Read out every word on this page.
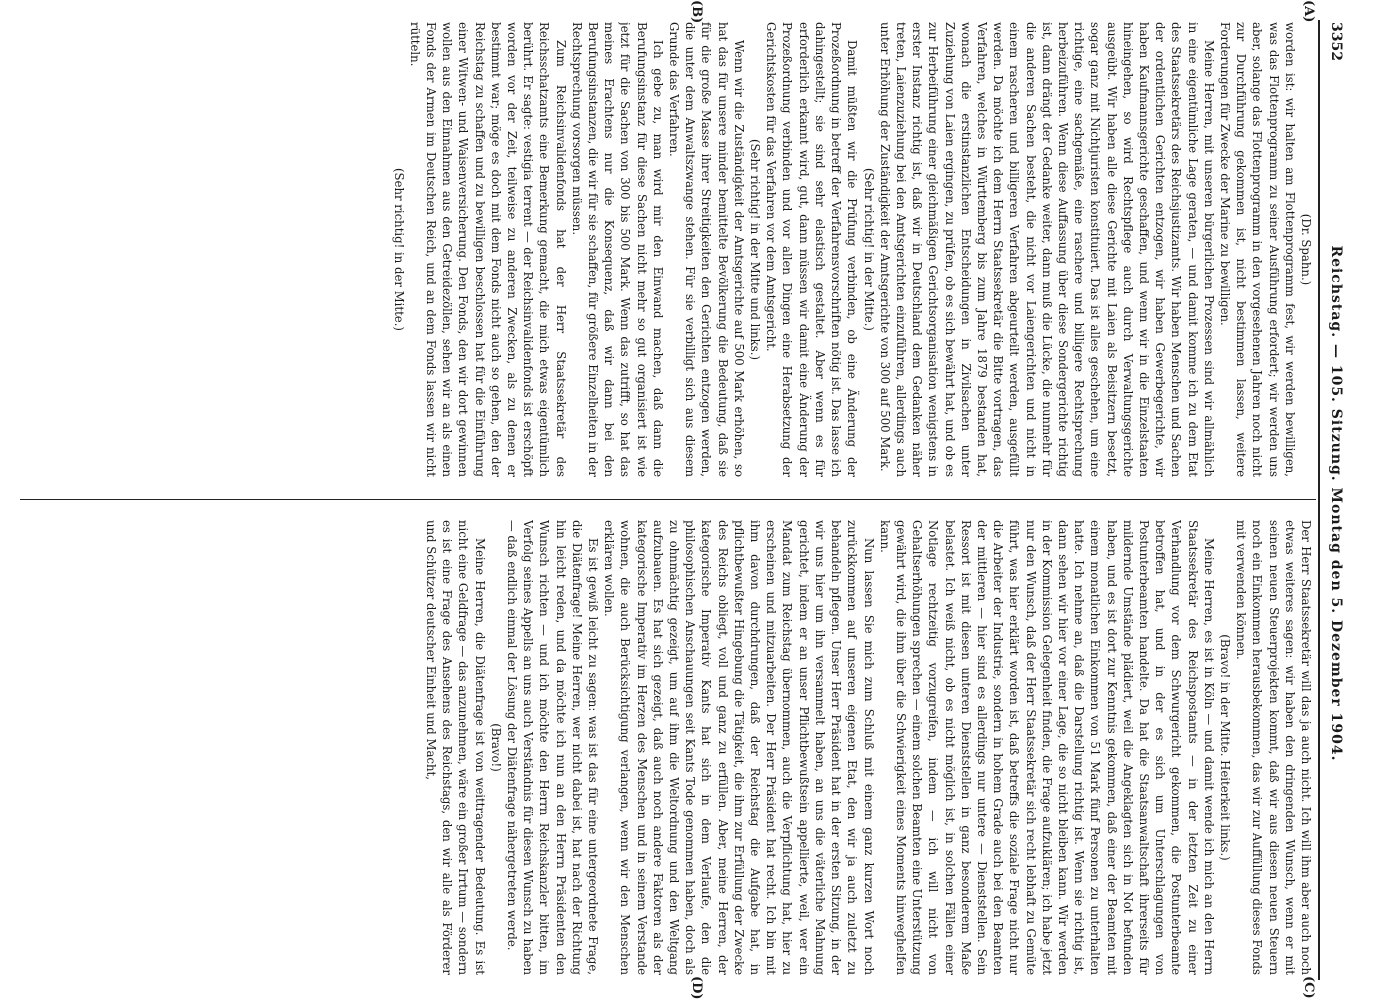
3352
Reichstag. — 105. Sitzung. Montag den 5. Dezember 1904.
(A)
(B)
(C)
(D)

(Dr. Spahn.)

worden ist: wir halten am Flottenprogramm fest, wir werden bewilligen, was das Flottenprogramm zu seiner Ausführung erfordert; wir werden uns aber, solange das Flottenprogramm in den vorgesehenen Jahren noch nicht zur Durchführung gekommen ist, nicht bestimmen lassen, weitere Forderungen für Zwecke der Marine zu bewilligen.

Meine Herren, mit unseren bürgerlichen Prozessen sind wir allmählich in eine eigentümliche Lage geraten, — und damit komme ich zu dem Etat des Staatssekretärs des Reichsjustizamts. Wir haben Menschen und Sachen der ordentlichen Gerichten entzogen, wir haben Gewerbegerichte, wir haben Kaufmannsgerichte geschaffen, und wenn wir in die Einzelstaaten hineingehen, so wird Rechtspflege auch durch Verwaltungsgerichte ausgeübt. Wir haben alle diese Gerichte mit Laien als Beisitzern besetzt, sogar ganz mit Nichtjuristen konstituiert. Das ist alles geschehen, um eine richtige, eine sachgemäße, eine raschere und billigere Rechtsprechung herbeizuführen. Wenn diese Auffassung über diese Sondergerichte richtig ist, dann drängt der Gedanke weiter, dann muß die Lücke, die nunmehr für die anderen Sachen besteht, die nicht vor Laiengerichten und nicht in einem rascheren und billigeren Verfahren abgeurteilt werden, ausgefüllt werden. Da möchte ich dem Herrn Staatssekretär die Bitte vortragen, das Verfahren, welches in Württemberg bis zum Jahre 1879 bestanden hat, wonach die erstinstanzlichen Entscheidungen in Zivilsachen unter Zuziehung von Laien ergingen, zu prüfen, ob es sich bewährt hat, und ob es zur Herbeiführung einer gleichmäßigen Gerichtsorganisation wenigstens in erster Instanz richtig ist, daß wir in Deutschland dem Gedanken näher treten, Laienzuziehung bei den Amtsgerichten einzuführen, allerdings auch unter Erhöhung der Zuständigkeit der Amtsgerichte von 300 auf 500 Mark.

(Sehr richtig! in der Mitte.)

Damit müßten wir die Prüfung verbinden, ob eine Änderung der Prozeßordnung in betreff der Verfahrensvorschriften nötig ist. Das lasse ich dahingestellt; sie sind sehr elastisch gestaltet. Aber wenn es für erforderlich erkannt wird, gut, dann müssen wir damit eine Änderung der Prozeßordnung verbinden und vor allen Dingen eine Herabsetzung der Gerichtskosten für das Verfahren vor dem Amtsgericht.

(Sehr richtig! in der Mitte und links.)

Wenn wir die Zuständigkeit der Amtsgerichte auf 500 Mark erhöhen, so hat das für unsere minder bemittelte Bevölkerung die Bedeutung, daß sie für die große Masse ihrer Streitigkeiten den Gerichten entzogen werden, die unter dem Anwaltszwange stehen. Für sie verbilligt sich aus diesem Grunde das Verfahren.

Ich gebe zu, man wird mir den Einwand machen, daß dann die Berufungsinstanz für diese Sachen nicht mehr so gut organisiert ist wie jetzt für die Sachen von 300 bis 500 Mark. Wenn das zutrifft, so hat das meines Erachtens nur die Konsequenz, daß wir dann bei den Berufungsinstanzen, die wir für sie schaffen, für größere Einzelheiten in der Rechtsprechung vorsorgen müssen.

Zum Reichsinvalidenfonds hat der Herr Staatssekretär des Reichsschatzamts eine Bemerkung gemacht, die mich etwas eigentümlich berührt. Er sagte: vestigia terrent — der Reichsinvalidenfonds ist erschöpft worden vor der Zeit, teilweise zu anderen Zwecken, als zu denen er bestimmt war; möge es doch mit dem Fonds nicht auch so gehen, den der Reichstag zu schaffen und zu bewilligen beschlossen hat für die Einführung einer Witwen- und Waisenversicherung. Den Fonds, den wir dort gewinnen wollen aus den Einnahmen aus den Getreidezöllen, sehen wir an als einen Fonds der Armen im Deutschen Reich, und an dem Fonds lassen wir nicht rütteln.

(Sehr richtig! in der Mitte.)

Der Herr Staatssekretär will das ja auch nicht. Ich will ihm aber auch noch etwas weiteres sagen: wir haben den dringenden Wunsch, wenn er mit seinen neuen Steuerprojekten kommt, daß wir aus diesen neuen Steuern noch ein Einkommen herausbekommen, das wir zur Auffüllung dieses Fonds mit verwenden können.

(Bravo! in der Mitte. Heiterkeit links.)

Meine Herren, es ist in Köln — und damit wende ich mich an den Herrn Staatssekretär des Reichspostamts — in der letzten Zeit zu einer Verhandlung vor dem Schwurgericht gekommen, die Postunterbeamte betroffen hat, und in der es sich um Unterschlagungen von Postunterbeamten handelte. Da hat die Staatsanwaltschaft ihrerseits für mildernde Umstände plädiert, weil die Angeklagten sich in Not befunden haben, und es ist dort zur Kenntnis gekommen, daß einer der Beamten mit einem monatlichen Einkommen von 51 Mark fünf Personen zu unterhalten hatte. Ich nehme an, daß die Darstellung richtig ist. Wenn sie richtig ist, dann sehen wir hier vor einer Lage, die so nicht bleiben kann. Wir werden in der Kommission Gelegenheit finden, die Frage aufzuklären; ich habe jetzt nur den Wunsch, daß der Herr Staatssekretär sich recht lebhaft zu Gemüte führt, was hier erklärt worden ist, daß betreffs die soziale Frage nicht nur die Arbeiter der Industrie, sondern in hohem Grade auch bei den Beamten der mittleren — hier sind es allerdings nur untere — Dienststellen. Sein Ressort ist mit diesen unteren Dienststellen in ganz besonderem Maße belastet. Ich weiß nicht, ob es nicht möglich ist, in solchen Fällen einer Notlage rechtzeitig vorzugreifen, indem — ich will nicht von Gehaltserhöhungen sprechen — einem solchen Beamten eine Unterstützung gewährt wird, die ihm über die Schwierigkeit eines Moments hinweghelfen kann.

Nun lassen Sie mich zum Schluß mit einem ganz kurzen Wort noch zurückkommen auf unseren eigenen Etat, den wir ja auch zuletzt zu behandeln pflegen. Unser Herr Präsident hat in der ersten Sitzung, in der wir uns hier um ihn versammelt haben, an uns die väterliche Mahnung gerichtet, indem er an unser Pflichtbewußtsein appellierte, weil, wer ein Mandat zum Reichstag übernommen, auch die Verpflichtung hat, hier zu erscheinen und mitzuarbeiten. Der Herr Präsident hat recht. Ich bin mit ihm davon durchdrungen, daß der Reichstag die Aufgabe hat, in pflichtbewußter Hingebung die Tätigkeit, die ihm zur Erfüllung der Zwecke des Reichs obliegt, voll und ganz zu erfüllen. Aber, meine Herren, der kategorische Imperativ Kants hat sich in dem Verlaufe, den die philosophischen Anschauungen seit Kants Tode genommen haben, doch als zu ohnmächtig gezeigt, um auf ihm die Weltordnung und den Weltgang aufzubauen. Es hat sich gezeigt, daß auch noch andere Faktoren als der kategorische Imperativ im Herzen des Menschen und in seinem Verstande wohnen, die auch Berücksichtigung verlangen, wenn wir den Menschen erklären wollen.

Es ist gewiß leicht zu sagen: was ist das für eine untergeordnete Frage, die Diätenfrage! Meine Herren, wer nicht dabei ist, hat nach der Richtung hin leicht reden, und da möchte ich nun an den Herrn Präsidenten den Wunsch richten — und ich möchte den Herrn Reichskanzler bitten, im Verfolg seines Appells an uns auch Verständnis für diesen Wunsch zu haben — daß endlich einmal der Lösung der Diätenfrage nähergetreten werde.

(Bravo!)

Meine Herren, die Diätenfrage ist von weittragender Bedeutung. Es ist nicht eine Geldfrage — das anzunehmen, wäre ein großer Irrtum — sondern es ist eine Frage des Ansehens des Reichstags, den wir alle als Förderer und Schützer deutscher Einheit und Macht,
